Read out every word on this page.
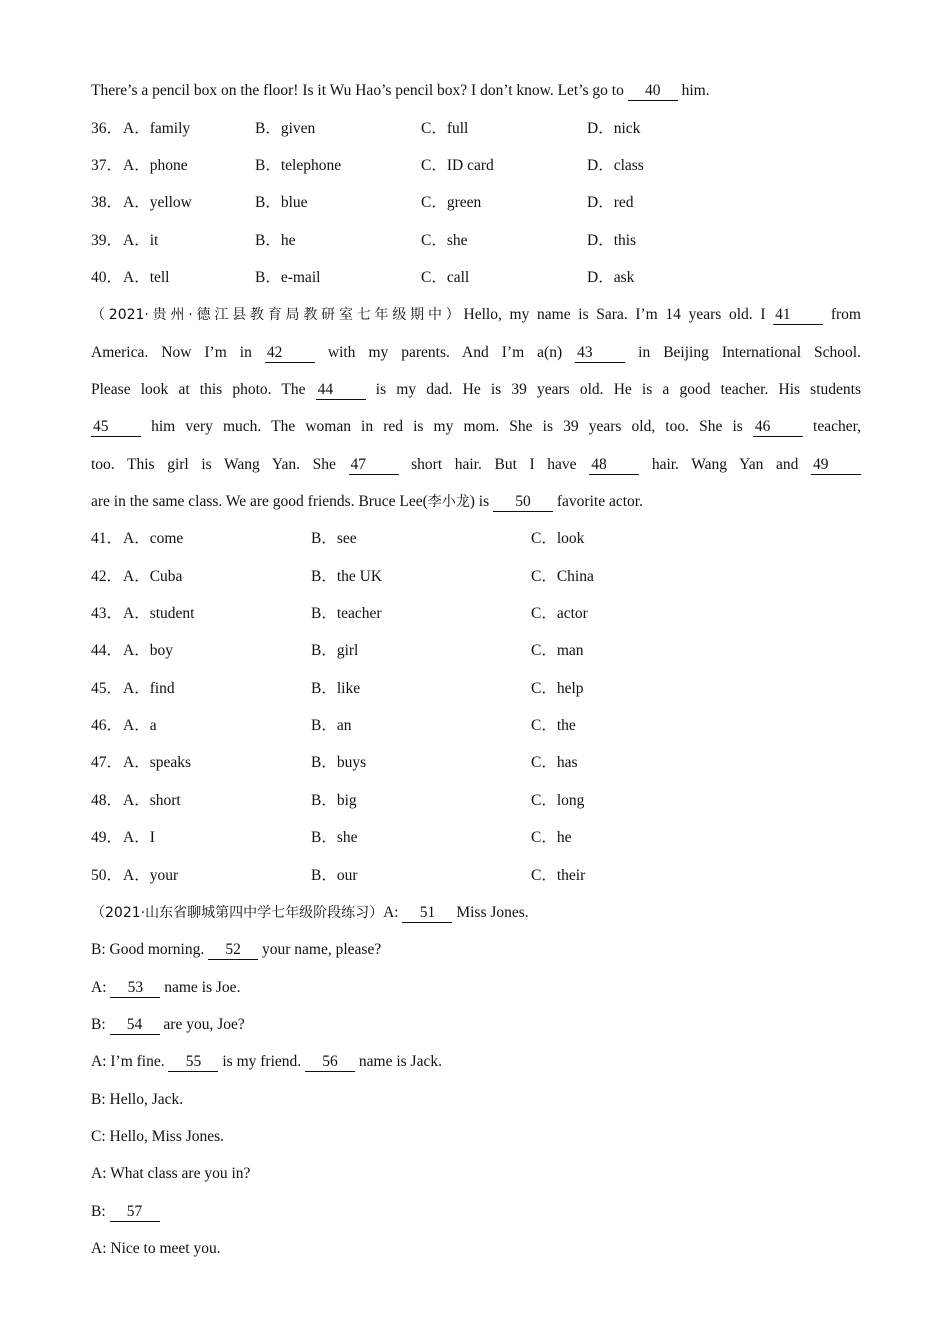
There’s a pencil box on the floor! Is it Wu Hao’s pencil box? I don’t know. Let’s go to 40 him.
36． A．family	B．given	C．full	D．nick
37． A．phone	B．telephone	C．ID card	D．class
38． A．yellow	B．blue	C．green	D．red
39． A．it	B．he	C．she	D．this
40． A．tell	B．e-mail	C．call	D．ask
（2021·贵州·德江县教育局教研室七年级期中）Hello, my name is Sara. I’m 14 years old. I 41	from
America. Now I’m in 42	with my parents. And I’m a(n) 43	in Beijing International School.
Please look at this photo. The 44	is my dad. He is 39 years old. He is a good teacher. His students
45	him very much. The woman in red is my mom. She is 39 years old, too. She is 46	teacher,
too. This girl is Wang Yan. She 47	short hair. But I have 48	hair. Wang Yan and 49
are in the same class. We are good friends. Bruce Lee(李小龙) is 50 favorite actor.
41． A．come	B．see	C．look
42． A．Cuba	B．the UK	C．China
43． A．student	B．teacher	C．actor
44． A．boy	B．girl	C．man
45． A．find	B．like	C．help
46． A．a	B．an	C．the
47． A．speaks	B．buys	C．has
48． A．short	B．big	C．long
49． A．I	B．she	C．he
50． A．your	B．our	C．their
（2021·山东省聊城第四中学七年级阶段练习）A: 51 Miss Jones.
B: Good morning. 52 your name, please?
A: 53 name is Joe.
B: 54 are you, Joe?
A: I’m fine. 55 is my friend. 56 name is Jack.
B: Hello, Jack.
C: Hello, Miss Jones.
A: What class are you in?
B: 57
A: Nice to meet you.
